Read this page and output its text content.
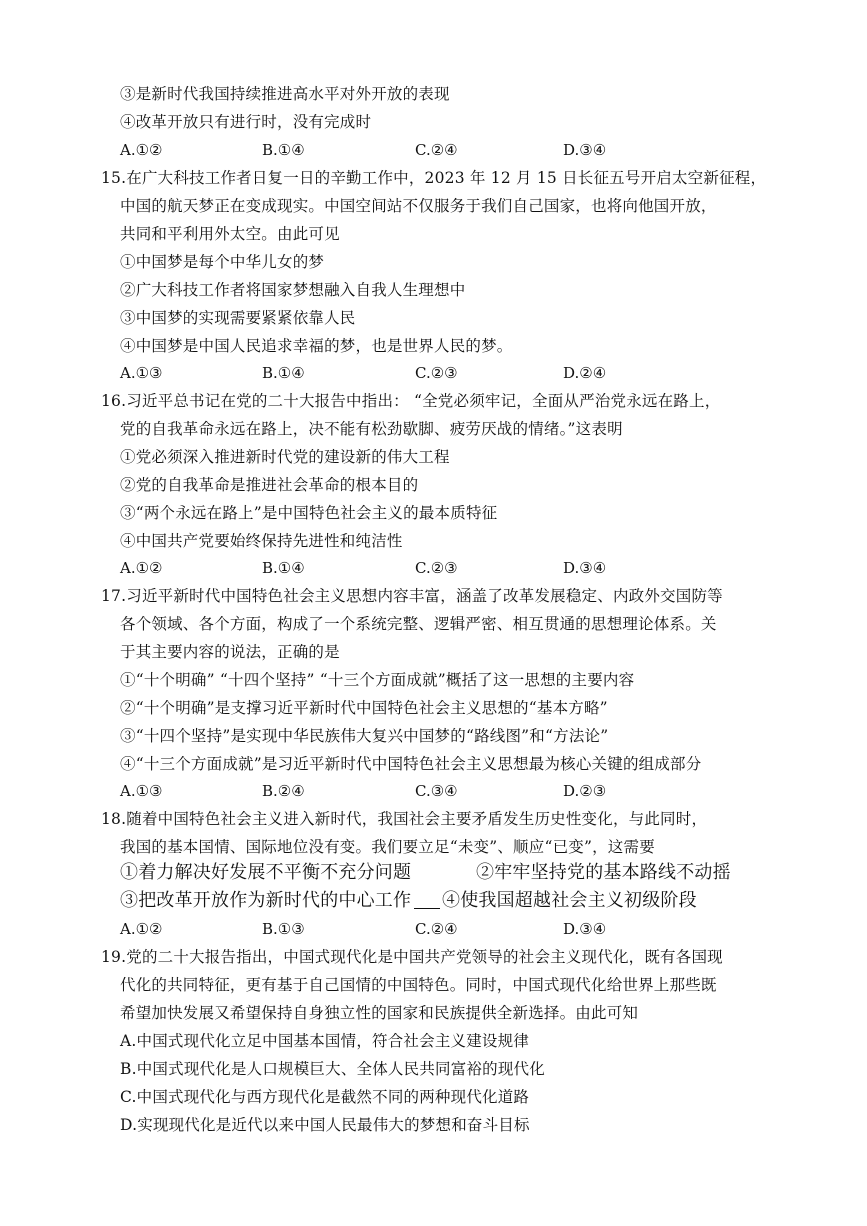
③是新时代我国持续推进高水平对外开放的表现
④改革开放只有进行时，没有完成时
A.①②	B.①④	C.②④	D.③④
15.在广大科技工作者日复一日的辛勤工作中，2023 年 12 月 15 日长征五号开启太空新征程，
中国的航天梦正在变成现实。中国空间站不仅服务于我们自己国家，也将向他国开放，
共同和平利用外太空。由此可见
①中国梦是每个中华儿女的梦
②广大科技工作者将国家梦想融入自我人生理想中
③中国梦的实现需要紧紧依靠人民
④中国梦是中国人民追求幸福的梦，也是世界人民的梦。
A.①③	B.①④	C.②③	D.②④
16.习近平总书记在党的二十大报告中指出： “全党必须牢记，全面从严治党永远在路上，
党的自我革命永远在路上，决不能有松劲歇脚、疲劳厌战的情绪。”这表明
①党必须深入推进新时代党的建设新的伟大工程
②党的自我革命是推进社会革命的根本目的
③“两个永远在路上”是中国特色社会主义的最本质特征
④中国共产党要始终保持先进性和纯洁性
A.①②	B.①④	C.②③	D.③④
17.习近平新时代中国特色社会主义思想内容丰富，涵盖了改革发展稳定、内政外交国防等
各个领域、各个方面，构成了一个系统完整、逻辑严密、相互贯通的思想理论体系。关
于其主要内容的说法，正确的是
①“十个明确” “十四个坚持” “十三个方面成就”概括了这一思想的主要内容
②“十个明确”是支撑习近平新时代中国特色社会主义思想的“基本方略”
③“十四个坚持”是实现中华民族伟大复兴中国梦的“路线图”和“方法论”
④“十三个方面成就”是习近平新时代中国特色社会主义思想最为核心关键的组成部分
A.①③	B.②④	C.③④	D.②③
18.随着中国特色社会主义进入新时代，我国社会主要矛盾发生历史性变化，与此同时，
我国的基本国情、国际地位没有变。我们要立足“未变”、顺应“已变”，这需要
①着力解决好发展不平衡不充分问题	②牢牢坚持党的基本路线不动摇
③把改革开放作为新时代的中心工作 ④使我国超越社会主义初级阶段
A.①②	B.①③	C.②④	D.③④
19.党的二十大报告指出，中国式现代化是中国共产党领导的社会主义现代化，既有各国现
代化的共同特征，更有基于自己国情的中国特色。同时，中国式现代化给世界上那些既
希望加快发展又希望保持自身独立性的国家和民族提供全新选择。由此可知
A.中国式现代化立足中国基本国情，符合社会主义建设规律
B.中国式现代化是人口规模巨大、全体人民共同富裕的现代化
C.中国式现代化与西方现代化是截然不同的两种现代化道路
D.实现现代化是近代以来中国人民最伟大的梦想和奋斗目标
